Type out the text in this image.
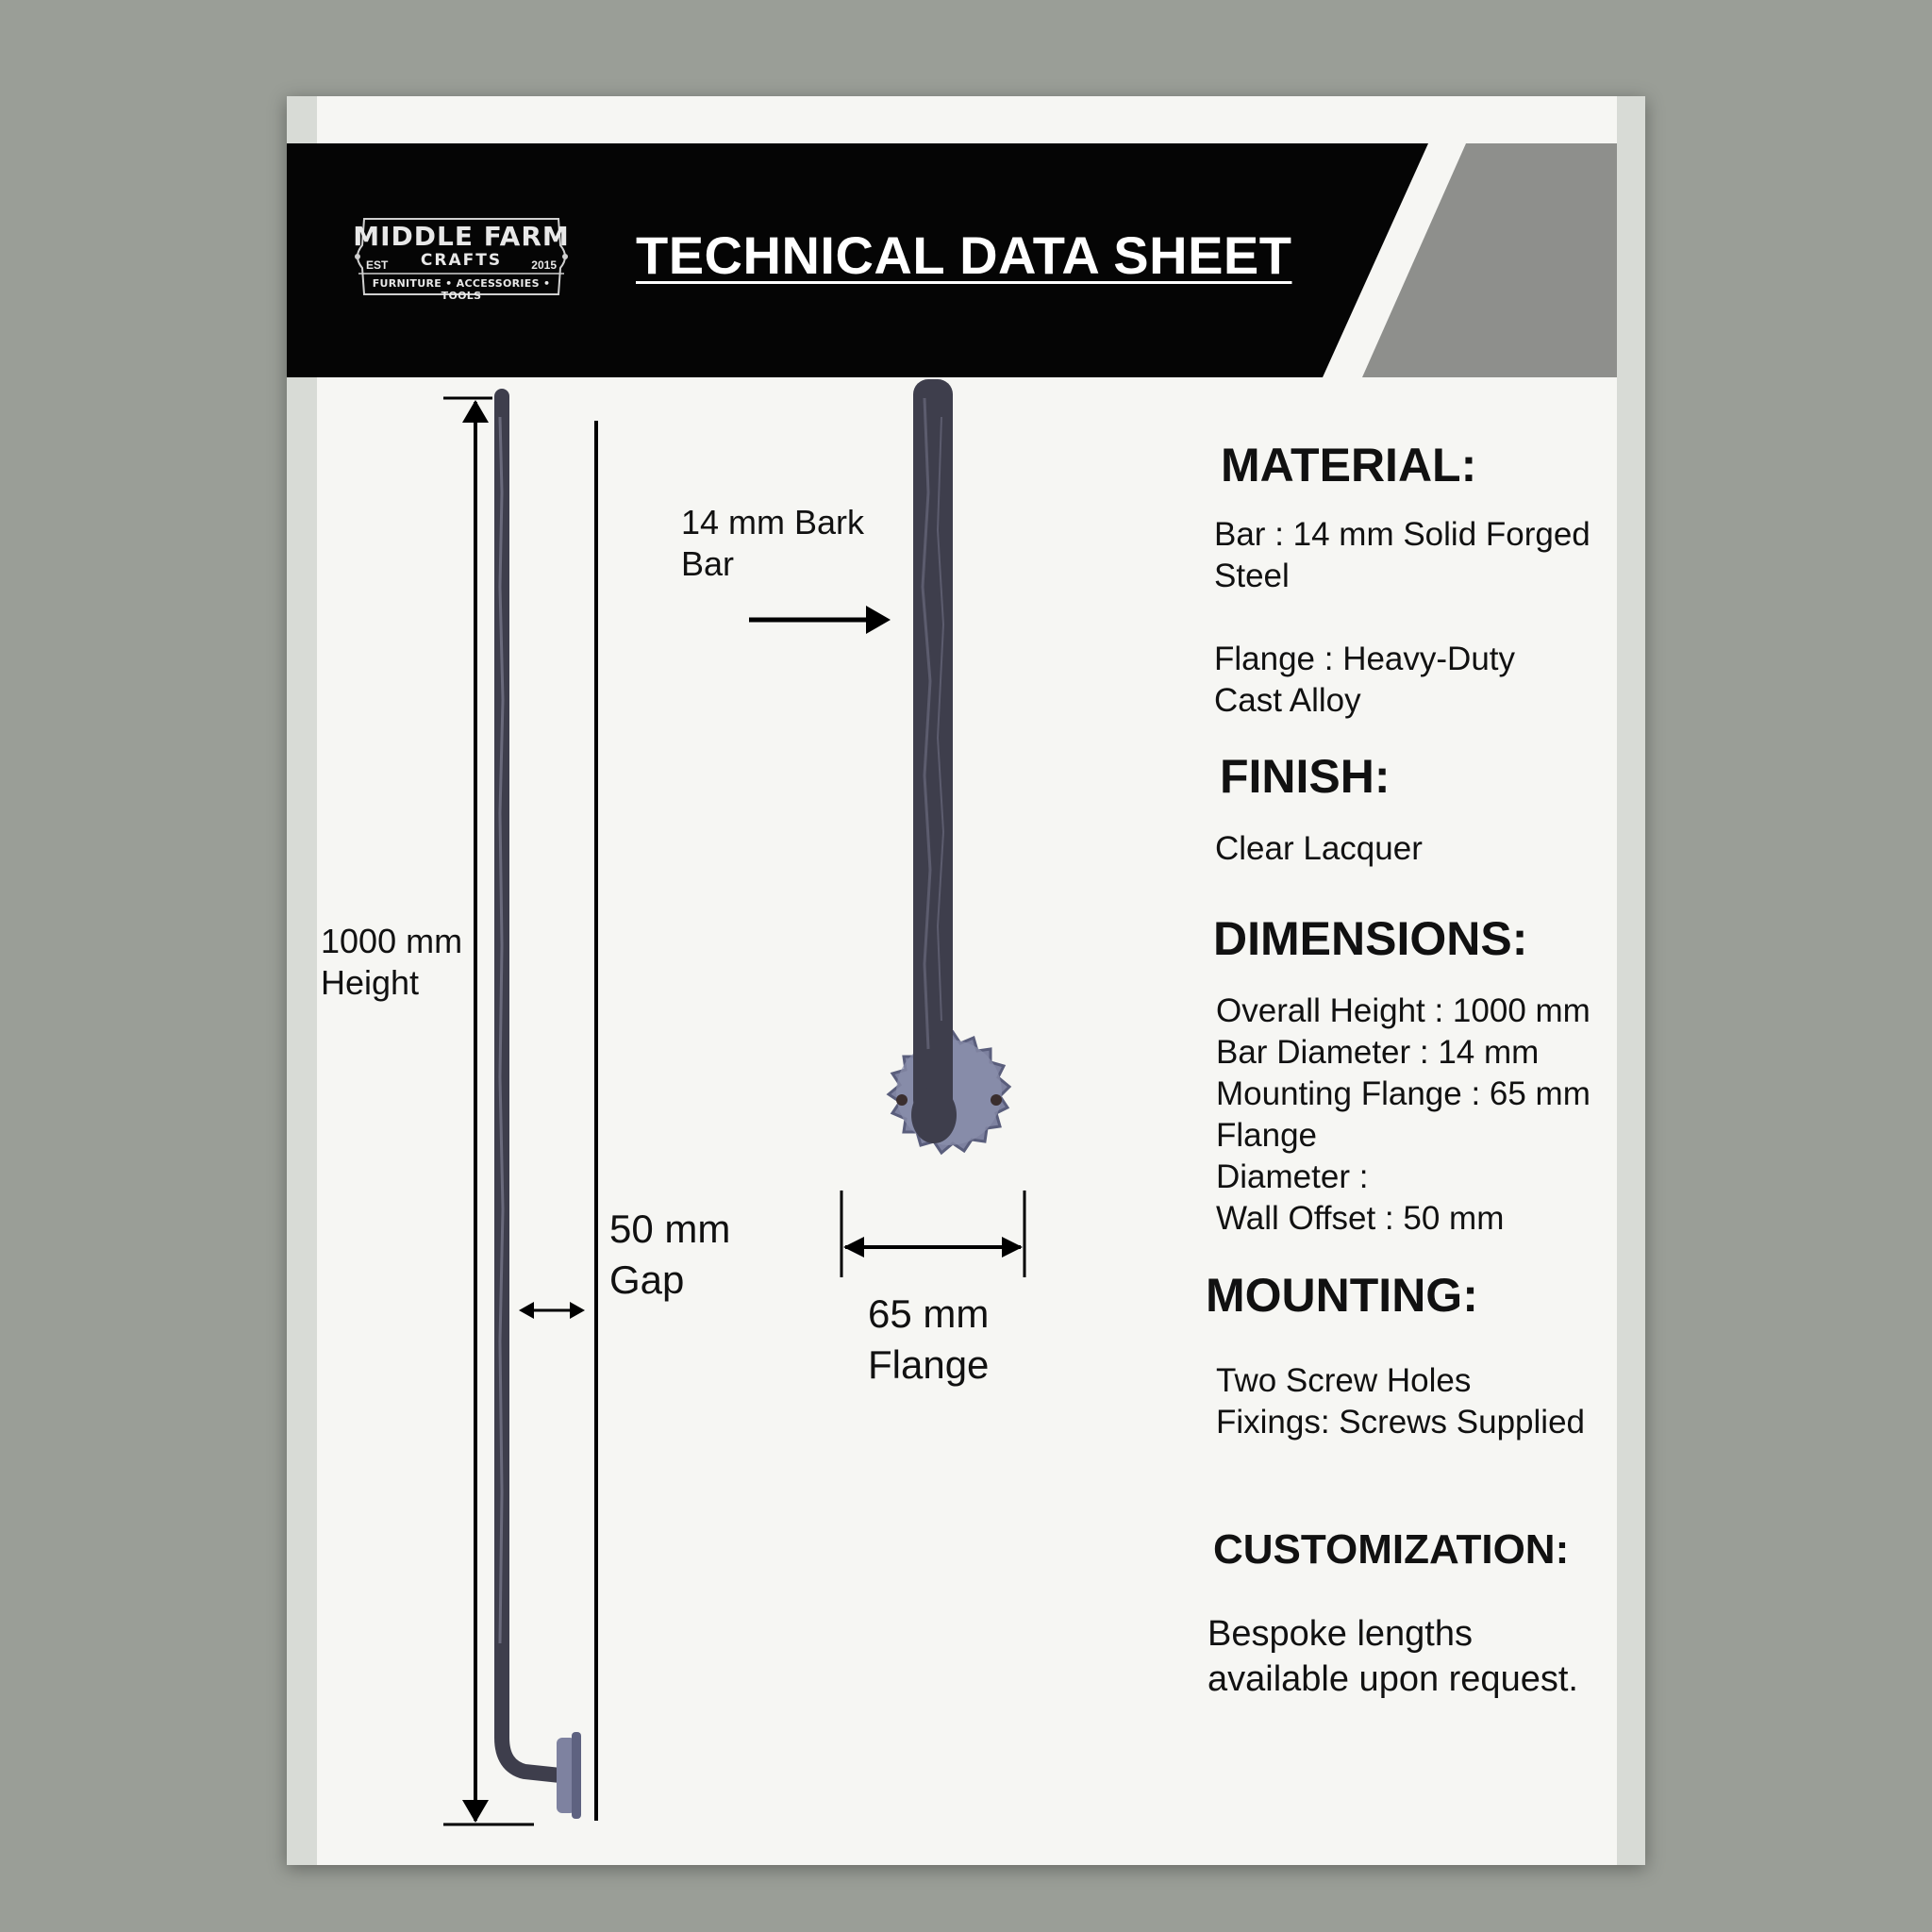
MIDDLE FARM
CRAFTS
EST	2015
FURNITURE • ACCESSORIES • TOOLS
TECHNICAL DATA SHEET
1000 mm
Height
50 mm
Gap
14 mm Bark
Bar
65 mm
Flange
MATERIAL:
Bar : 14 mm Solid Forged
Steel
Flange : Heavy-Duty
Cast Alloy
FINISH:
Clear Lacquer
DIMENSIONS:
Overall Height : 1000 mm
Bar Diameter : 14 mm
Mounting Flange : 65 mm
Flange
Diameter :
Wall Offset : 50 mm
MOUNTING:
Two Screw Holes
Fixings: Screws Supplied
CUSTOMIZATION:
Bespoke lengths
available upon request.
